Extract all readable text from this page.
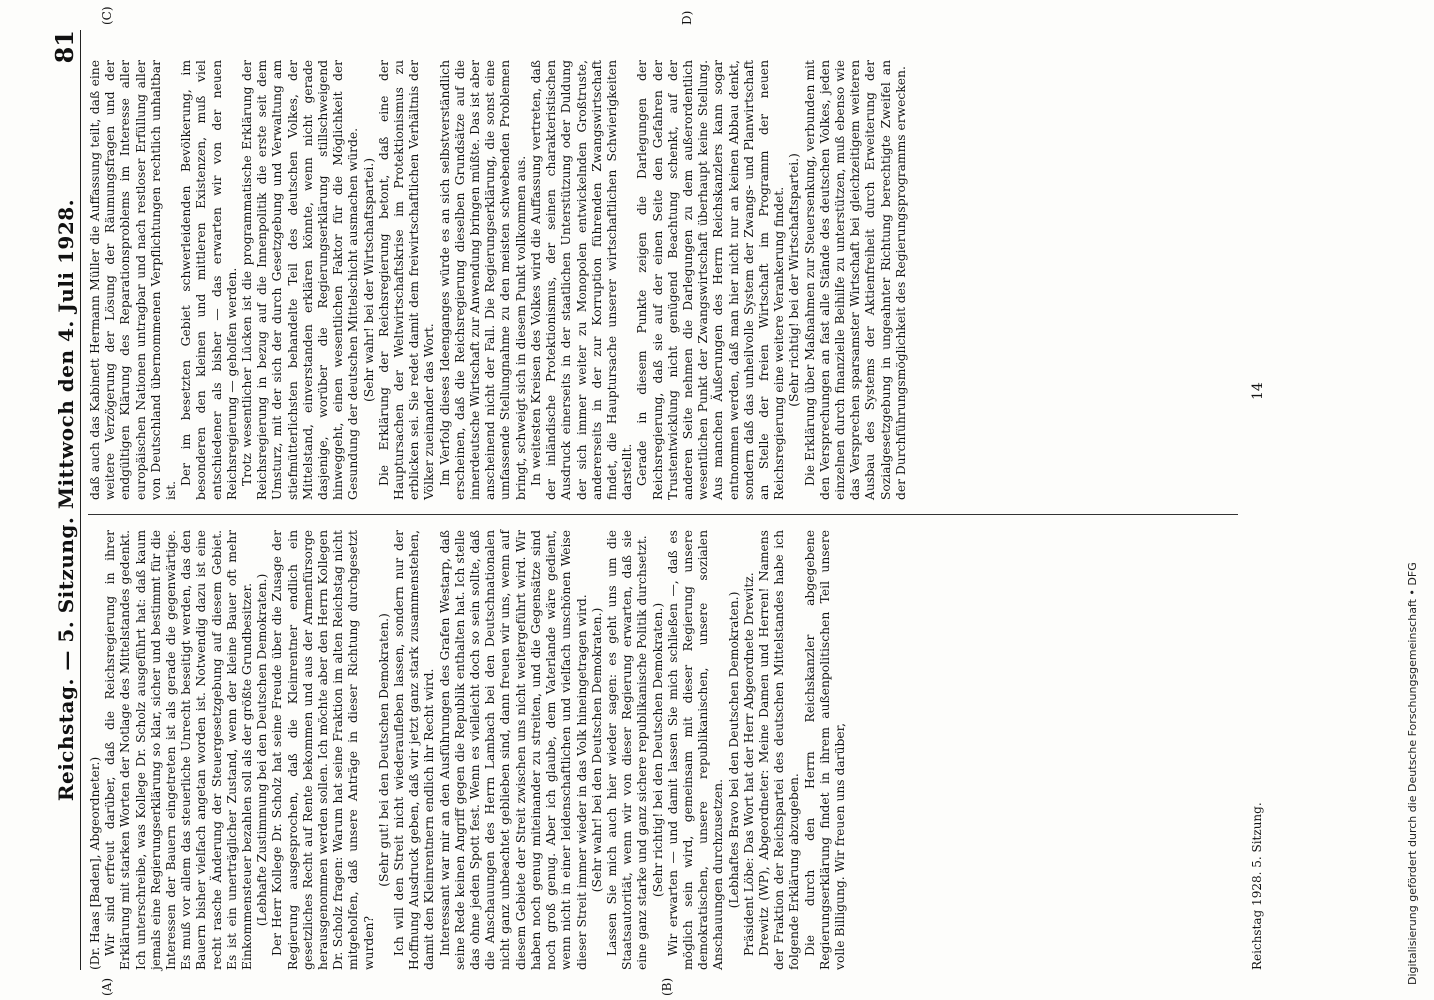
Reichstag. — 5. Sitzung. Mittwoch den 4. Juli 1928.
81

(Dr. Haas [Baden], Abgeordneter.) Wir sind erfreut darüber, daß die Reichsregierung in ihrer Erklärung mit starken Worten der Notlage des Mittelstandes gedenkt. Ich unterschreibe, was Kollege Dr. Scholz ausgeführt hat: daß kaum jemals eine Regierungserklärung so klar, sicher und bestimmt für die Interessen der Bauern eingetreten ist als gerade die gegenwärtige. Es muß vor allem das steuerliche Unrecht beseitigt werden, das den Bauern bisher vielfach angetan worden ist. Notwendig dazu ist eine recht rasche Änderung der Steuergesetzgebung auf diesem Gebiet. Es ist ein unerträglicher Zustand, wenn der kleine Bauer oft mehr Einkommensteuer bezahlen soll als der größte Grundbesitzer. (Lebhafte Zustimmung bei den Deutschen Demokraten.) Der Herr Kollege Dr. Scholz hat seine Freude über die Zusage der Regierung ausgesprochen, daß die Kleinrentner endlich ein gesetzliches Recht auf Rente bekommen und aus der Armenfürsorge herausgenommen werden sollen. Ich möchte aber den Herrn Kollegen Dr. Scholz fragen: Warum hat seine Fraktion im alten Reichstag nicht mitgeholfen, daß unsere Anträge in dieser Richtung durchgesetzt wurden?

(Sehr gut! bei den Deutschen Demokraten.) Ich will den Streit nicht wiederaufleben lassen, sondern nur der Hoffnung Ausdruck geben, daß wir jetzt ganz stark zusammenstehen, damit den Kleinrentnern endlich ihr Recht wird. Interessant war mir an den Ausführungen des Grafen Westarp, daß seine Rede keinen Angriff gegen die Republik enthalten hat. Ich stelle das ohne jeden Spott fest. Wenn es vielleicht doch so sein sollte, daß die Anschauungen des Herrn Lambach bei den Deutschnationalen nicht ganz unbeachtet geblieben sind, dann freuen wir uns, wenn auf diesem Gebiete der Streit zwischen uns nicht weitergeführt wird. Wir haben noch genug miteinander zu streiten, und die Gegensätze sind noch groß genug. Aber ich glaube, dem Vaterlande wäre gedient, wenn nicht in einer leidenschaftlichen und vielfach unschönen Weise dieser Streit immer wieder in das Volk hineingetragen wird. (Sehr wahr! bei den Deutschen Demokraten.) Lassen Sie mich auch hier wieder sagen: es geht uns um die Staatsautorität, wenn wir von dieser Regierung erwarten, daß sie eine ganz starke und ganz sichere republikanische Politik durchsetzt. (Sehr richtig! bei den Deutschen Demokraten.) Wir erwarten — und damit lassen Sie mich schließen —, daß es möglich sein wird, gemeinsam mit dieser Regierung unsere demokratischen, unsere republikanischen, unsere sozialen Anschauungen durchzusetzen. (Lebhaftes Bravo bei den Deutschen Demokraten.) Präsident Löbe: Das Wort hat der Herr Abgeordnete Drewitz. Drewitz (WP), Abgeordneter: Meine Damen und Herren! Namens der Fraktion der Reichspartei des deutschen Mittelstandes habe ich folgende Erklärung abzugeben. Die durch den Herrn Reichskanzler abgegebene Regierungserklärung findet in ihrem außenpolitischen Teil unsere volle Billigung. Wir freuen uns darüber,

daß auch das Kabinett Hermann Müller die Auffassung teilt, daß eine weitere Verzögerung der Lösung der Räumungsfragen und der endgültigen Klärung des Reparationsproblems im Interesse aller europäischen Nationen untragbar und nach restloser Erfüllung aller von Deutschland übernommenen Verpflichtungen rechtlich unhaltbar ist.

Der im besetzten Gebiet schwerleidenden Bevölkerung, im besonderen den kleinen und mittleren Existenzen, muß viel entschiedener als bisher — das erwarten wir von der neuen Reichsregierung — geholfen werden. Trotz wesentlicher Lücken ist die programmatische Erklärung der Reichsregierung in bezug auf die Innenpolitik die erste seit dem Umsturz, mit der sich der durch Gesetzgebung und Verwaltung am stiefmütterlichsten behandelte Teil des deutschen Volkes, der Mittelstand, einverstanden erklären könnte, wenn nicht gerade dasjenige, worüber die Regierungserklärung stillschweigend hinweggeht, einen wesentlichen Faktor für die Möglichkeit der Gesundung der deutschen Mittelschicht ausmachen würde. (Sehr wahr! bei der Wirtschaftspartei.) Die Erklärung der Reichsregierung betont, daß eine der Hauptursachen der Weltwirtschaftskrise im Protektionismus zu erblicken sei. Sie redet damit dem freiwirtschaftlichen Verhältnis der Völker zueinander das Wort. Im Verfolg dieses Ideenganges würde es an sich selbstverständlich erscheinen, daß die Reichsregierung dieselben Grundsätze auf die innerdeutsche Wirtschaft zur Anwendung bringen müßte. Das ist aber anscheinend nicht der Fall. Die Regierungserklärung, die sonst eine umfassende Stellungnahme zu den meisten schwebenden Problemen bringt, schweigt sich in diesem Punkt vollkommen aus. In weitesten Kreisen des Volkes wird die Auffassung vertreten, daß der inländische Protektionismus, der seinen charakteristischen Ausdruck einerseits in der staatlichen Unterstützung oder Duldung der sich immer weiter zu Monopolen entwickelnden Großtruste, andererseits in der zur Korruption führenden Zwangswirtschaft findet, die Hauptursache unserer wirtschaftlichen Schwierigkeiten darstellt. Gerade in diesem Punkte zeigen die Darlegungen der Reichsregierung, daß sie auf der einen Seite den Gefahren der Trustentwicklung nicht genügend Beachtung schenkt, auf der anderen Seite nehmen die Darlegungen zu dem außerordentlich wesentlichen Punkt der Zwangswirtschaft überhaupt keine Stellung. Aus manchen Äußerungen des Herrn Reichskanzlers kann sogar entnommen werden, daß man hier nicht nur an keinen Abbau denkt, sondern daß das unheilvolle System der Zwangs- und Planwirtschaft an Stelle der freien Wirtschaft im Programm der neuen Reichsregierung eine weitere Verankerung findet. (Sehr richtig! bei der Wirtschaftspartei.) Die Erklärung über Maßnahmen zur Steuersenkung, verbunden mit den Versprechungen an fast alle Stände des deutschen Volkes, jeden einzelnen durch finanzielle Beihilfe zu unterstützen, muß ebenso wie das Versprechen sparsamster Wirtschaft bei gleichzeitigem weiteren Ausbau des Systems der Aktienfreiheit durch Erweiterung der Sozialgesetzgebung in ungeahnter Richtung berechtigte Zweifel an der Durchführungsmöglichkeit des Regierungsprogramms erwecken.

(A)	(B)
(C)	D)
Reichstag 1928. 5. Sitzung.
14
Digitalisierung gefördert durch die Deutsche Forschungsgemeinschaft • DFG
